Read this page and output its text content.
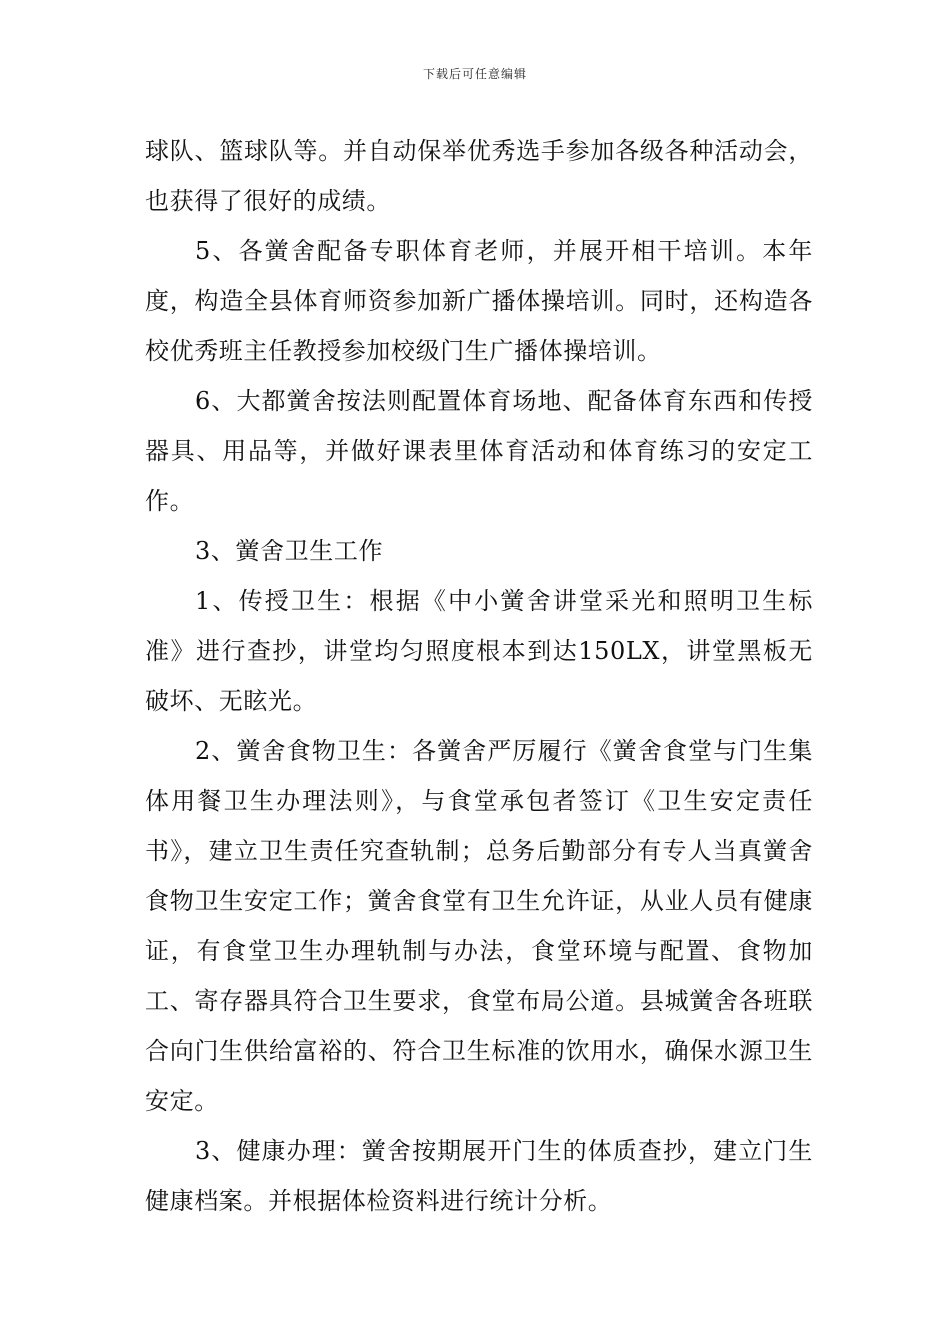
下载后可任意编辑

球队、篮球队等。并自动保举优秀选手参加各级各种活动会，也获得了很好的成绩。

5、各黉舍配备专职体育老师，并展开相干培训。本年度，构造全县体育师资参加新广播体操培训。同时，还构造各校优秀班主任教授参加校级门生广播体操培训。

6、大都黉舍按法则配置体育场地、配备体育东西和传授器具、用品等，并做好课表里体育活动和体育练习的安定工作。

3、黉舍卫生工作

1、传授卫生：根据《中小黉舍讲堂采光和照明卫生标准》进行查抄，讲堂均匀照度根本到达150LX，讲堂黑板无破坏、无眩光。

2、黉舍食物卫生：各黉舍严厉履行《黉舍食堂与门生集体用餐卫生办理法则》，与食堂承包者签订《卫生安定责任书》，建立卫生责任究查轨制；总务后勤部分有专人当真黉舍食物卫生安定工作；黉舍食堂有卫生允许证，从业人员有健康证，有食堂卫生办理轨制与办法，食堂环境与配置、食物加工、寄存器具符合卫生要求，食堂布局公道。县城黉舍各班联合向门生供给富裕的、符合卫生标准的饮用水，确保水源卫生安定。

3、健康办理：黉舍按期展开门生的体质查抄，建立门生健康档案。并根据体检资料进行统计分析。
